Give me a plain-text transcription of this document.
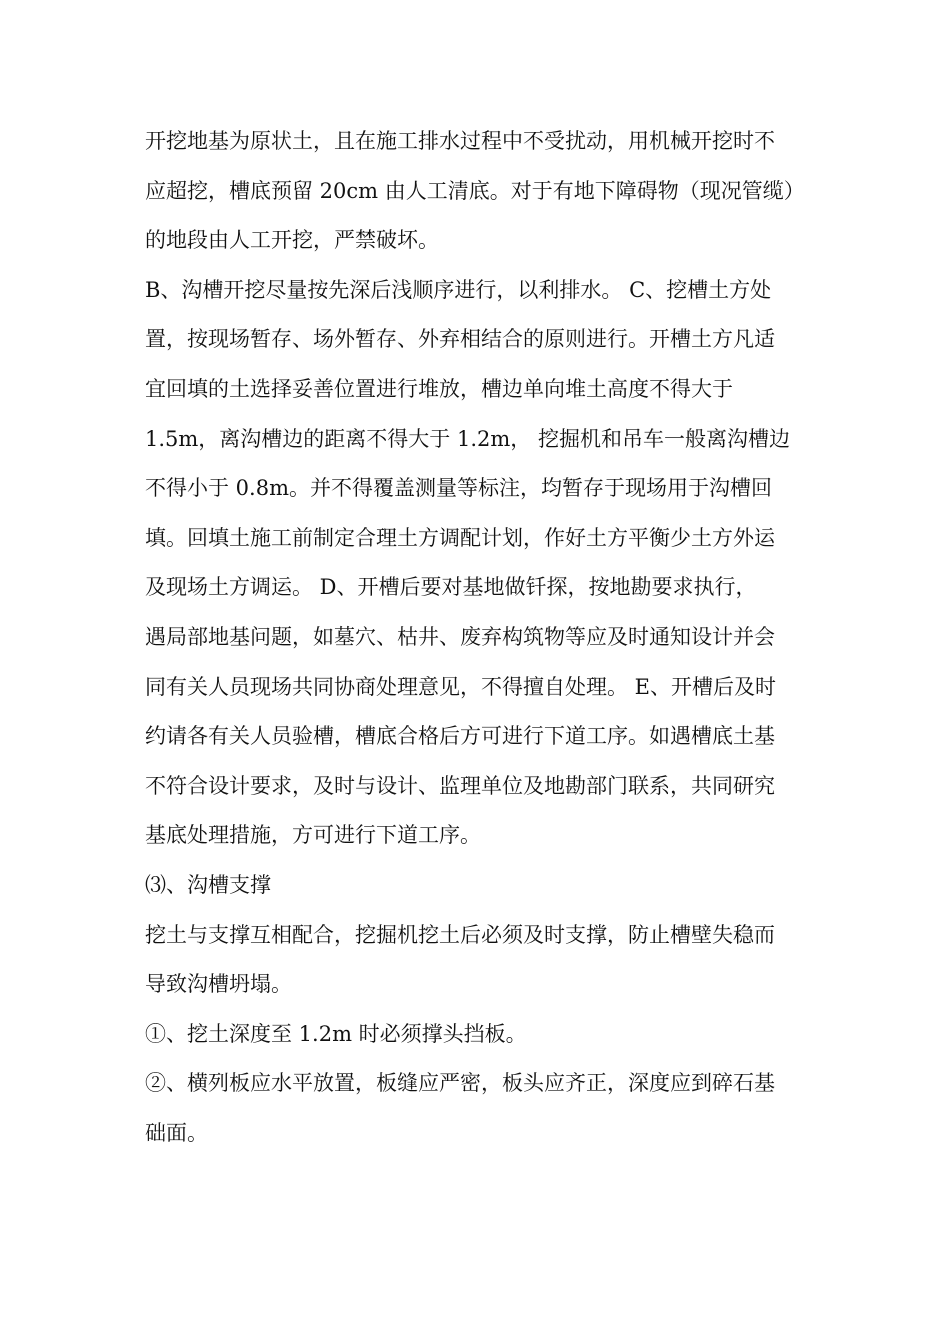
开挖地基为原状土，且在施工排水过程中不受扰动，用机械开挖时不
应超挖，槽底预留 20cm 由人工清底。对于有地下障碍物（现况管缆）
的地段由人工开挖，严禁破坏。
B、沟槽开挖尽量按先深后浅顺序进行，以利排水。 C、挖槽土方处
置，按现场暂存、场外暂存、外弃相结合的原则进行。开槽土方凡适
宜回填的土选择妥善位置进行堆放，槽边单向堆土高度不得大于
1.5m，离沟槽边的距离不得大于 1.2m， 挖掘机和吊车一般离沟槽边
不得小于 0.8m。并不得覆盖测量等标注，均暂存于现场用于沟槽回
填。回填土施工前制定合理土方调配计划，作好土方平衡少土方外运
及现场土方调运。 D、开槽后要对基地做钎探，按地勘要求执行，
遇局部地基问题，如墓穴、枯井、废弃构筑物等应及时通知设计并会
同有关人员现场共同协商处理意见，不得擅自处理。 E、开槽后及时
约请各有关人员验槽，槽底合格后方可进行下道工序。如遇槽底土基
不符合设计要求，及时与设计、监理单位及地勘部门联系，共同研究
基底处理措施，方可进行下道工序。
⑶、沟槽支撑
挖土与支撑互相配合，挖掘机挖土后必须及时支撑，防止槽壁失稳而
导致沟槽坍塌。
①、挖土深度至 1.2m 时必须撑头挡板。
②、横列板应水平放置，板缝应严密，板头应齐正，深度应到碎石基
础面。
